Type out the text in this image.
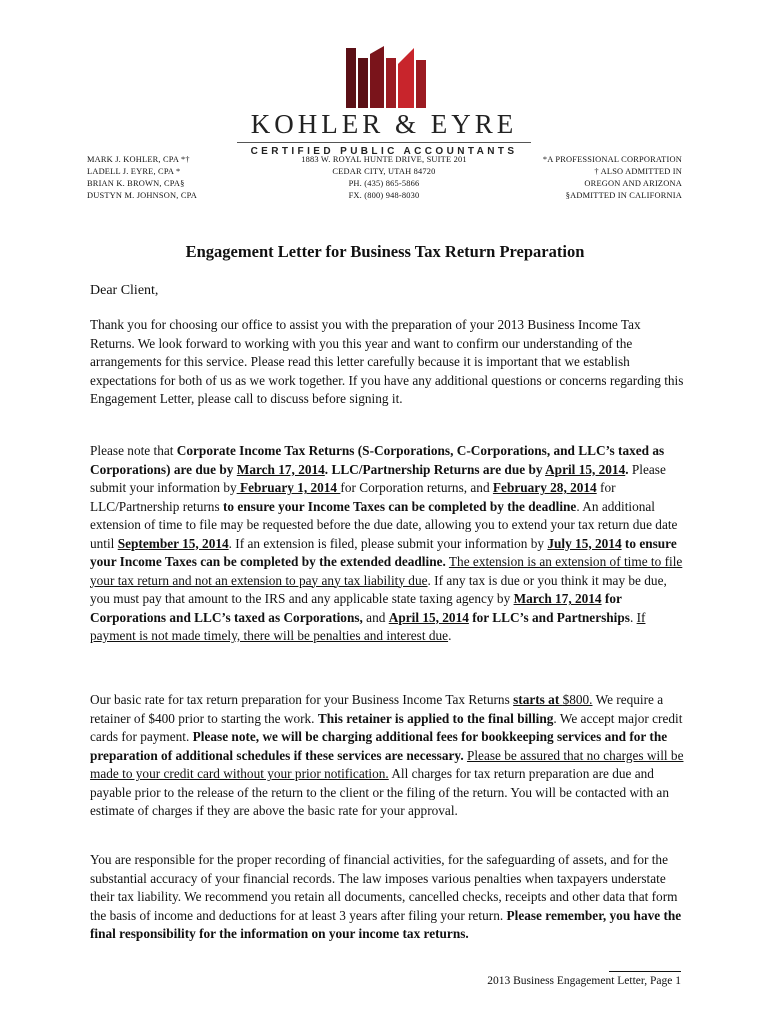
KOHLER & EYRE
CERTIFIED PUBLIC ACCOUNTANTS
MARK J. KOHLER, CPA *†
LADELL J. EYRE, CPA *
BRIAN K. BROWN, CPA§
DUSTYN M. JOHNSON, CPA
1883 W. ROYAL HUNTE DRIVE, SUITE 201
CEDAR CITY, UTAH 84720
PH. (435) 865-5866
FX. (800) 948-8030
*A PROFESSIONAL CORPORATION
† ALSO ADMITTED IN
OREGON AND ARIZONA
§ADMITTED IN CALIFORNIA
Engagement Letter for Business Tax Return Preparation
Dear Client,
Thank you for choosing our office to assist you with the preparation of your 2013 Business Income Tax Returns. We look forward to working with you this year and want to confirm our understanding of the arrangements for this service. Please read this letter carefully because it is important that we establish expectations for both of us as we work together. If you have any additional questions or concerns regarding this Engagement Letter, please call to discuss before signing it.
Please note that Corporate Income Tax Returns (S-Corporations, C-Corporations, and LLC’s taxed as Corporations) are due by March 17, 2014. LLC/Partnership Returns are due by April 15, 2014. Please submit your information by February 1, 2014 for Corporation returns, and February 28, 2014 for LLC/Partnership returns to ensure your Income Taxes can be completed by the deadline. An additional extension of time to file may be requested before the due date, allowing you to extend your tax return due date until September 15, 2014. If an extension is filed, please submit your information by July 15, 2014 to ensure your Income Taxes can be completed by the extended deadline. The extension is an extension of time to file your tax return and not an extension to pay any tax liability due. If any tax is due or you think it may be due, you must pay that amount to the IRS and any applicable state taxing agency by March 17, 2014 for Corporations and LLC’s taxed as Corporations, and April 15, 2014 for LLC’s and Partnerships. If payment is not made timely, there will be penalties and interest due.
Our basic rate for tax return preparation for your Business Income Tax Returns starts at $800. We require a retainer of $400 prior to starting the work. This retainer is applied to the final billing. We accept major credit cards for payment. Please note, we will be charging additional fees for bookkeeping services and for the preparation of additional schedules if these services are necessary. Please be assured that no charges will be made to your credit card without your prior notification. All charges for tax return preparation are due and payable prior to the release of the return to the client or the filing of the return. You will be contacted with an estimate of charges if they are above the basic rate for your approval.
You are responsible for the proper recording of financial activities, for the safeguarding of assets, and for the substantial accuracy of your financial records. The law imposes various penalties when taxpayers understate their tax liability. We recommend you retain all documents, cancelled checks, receipts and other data that form the basis of income and deductions for at least 3 years after filing your return. Please remember, you have the final responsibility for the information on your income tax returns.
2013 Business Engagement Letter, Page 1
